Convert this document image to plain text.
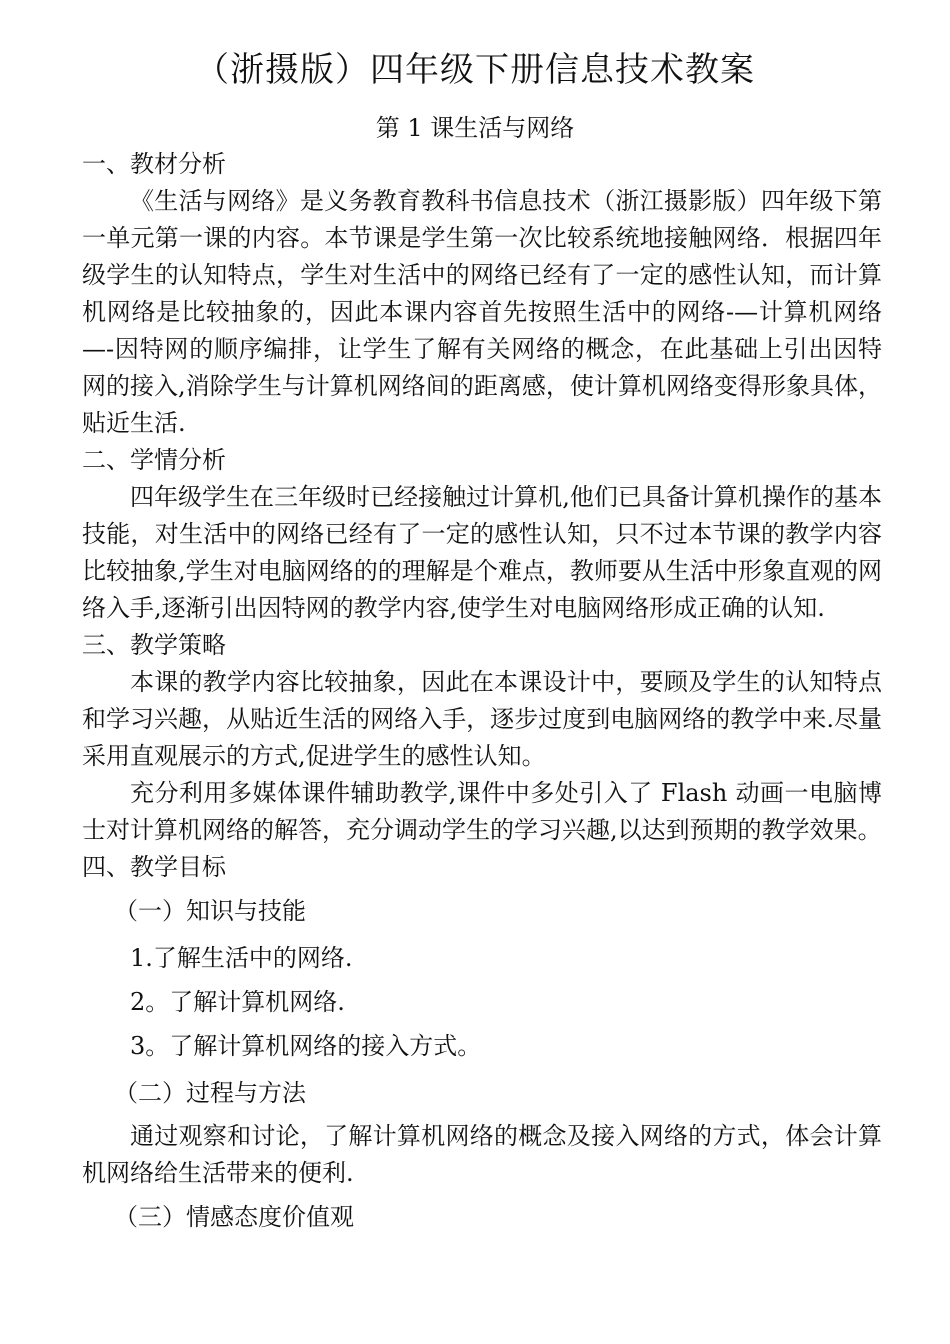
（浙摄版）四年级下册信息技术教案
第 1 课生活与网络

一、教材分析

《生活与网络》是义务教育教科书信息技术（浙江摄影版）四年级下第一单元第一课的内容。本节课是学生第一次比较系统地接触网络．根据四年级学生的认知特点，学生对生活中的网络已经有了一定的感性认知，而计算机网络是比较抽象的，因此本课内容首先按照生活中的网络-—计算机网络—-因特网的顺序编排，让学生了解有关网络的概念，在此基础上引出因特网的接入,消除学生与计算机网络间的距离感，使计算机网络变得形象具体，贴近生活.

二、学情分析

四年级学生在三年级时已经接触过计算机,他们已具备计算机操作的基本技能，对生活中的网络已经有了一定的感性认知，只不过本节课的教学内容比较抽象,学生对电脑网络的的理解是个难点，教师要从生活中形象直观的网络入手,逐渐引出因特网的教学内容,使学生对电脑网络形成正确的认知.

三、教学策略

本课的教学内容比较抽象，因此在本课设计中，要顾及学生的认知特点和学习兴趣，从贴近生活的网络入手，逐步过度到电脑网络的教学中来.尽量采用直观展示的方式,促进学生的感性认知。

充分利用多媒体课件辅助教学,课件中多处引入了 Flash 动画一电脑博士对计算机网络的解答，充分调动学生的学习兴趣,以达到预期的教学效果。

四、教学目标

（一）知识与技能

1.了解生活中的网络.
2。了解计算机网络.
3。了解计算机网络的接入方式。

（二）过程与方法

通过观察和讨论，了解计算机网络的概念及接入网络的方式，体会计算机网络给生活带来的便利.

（三）情感态度价值观
